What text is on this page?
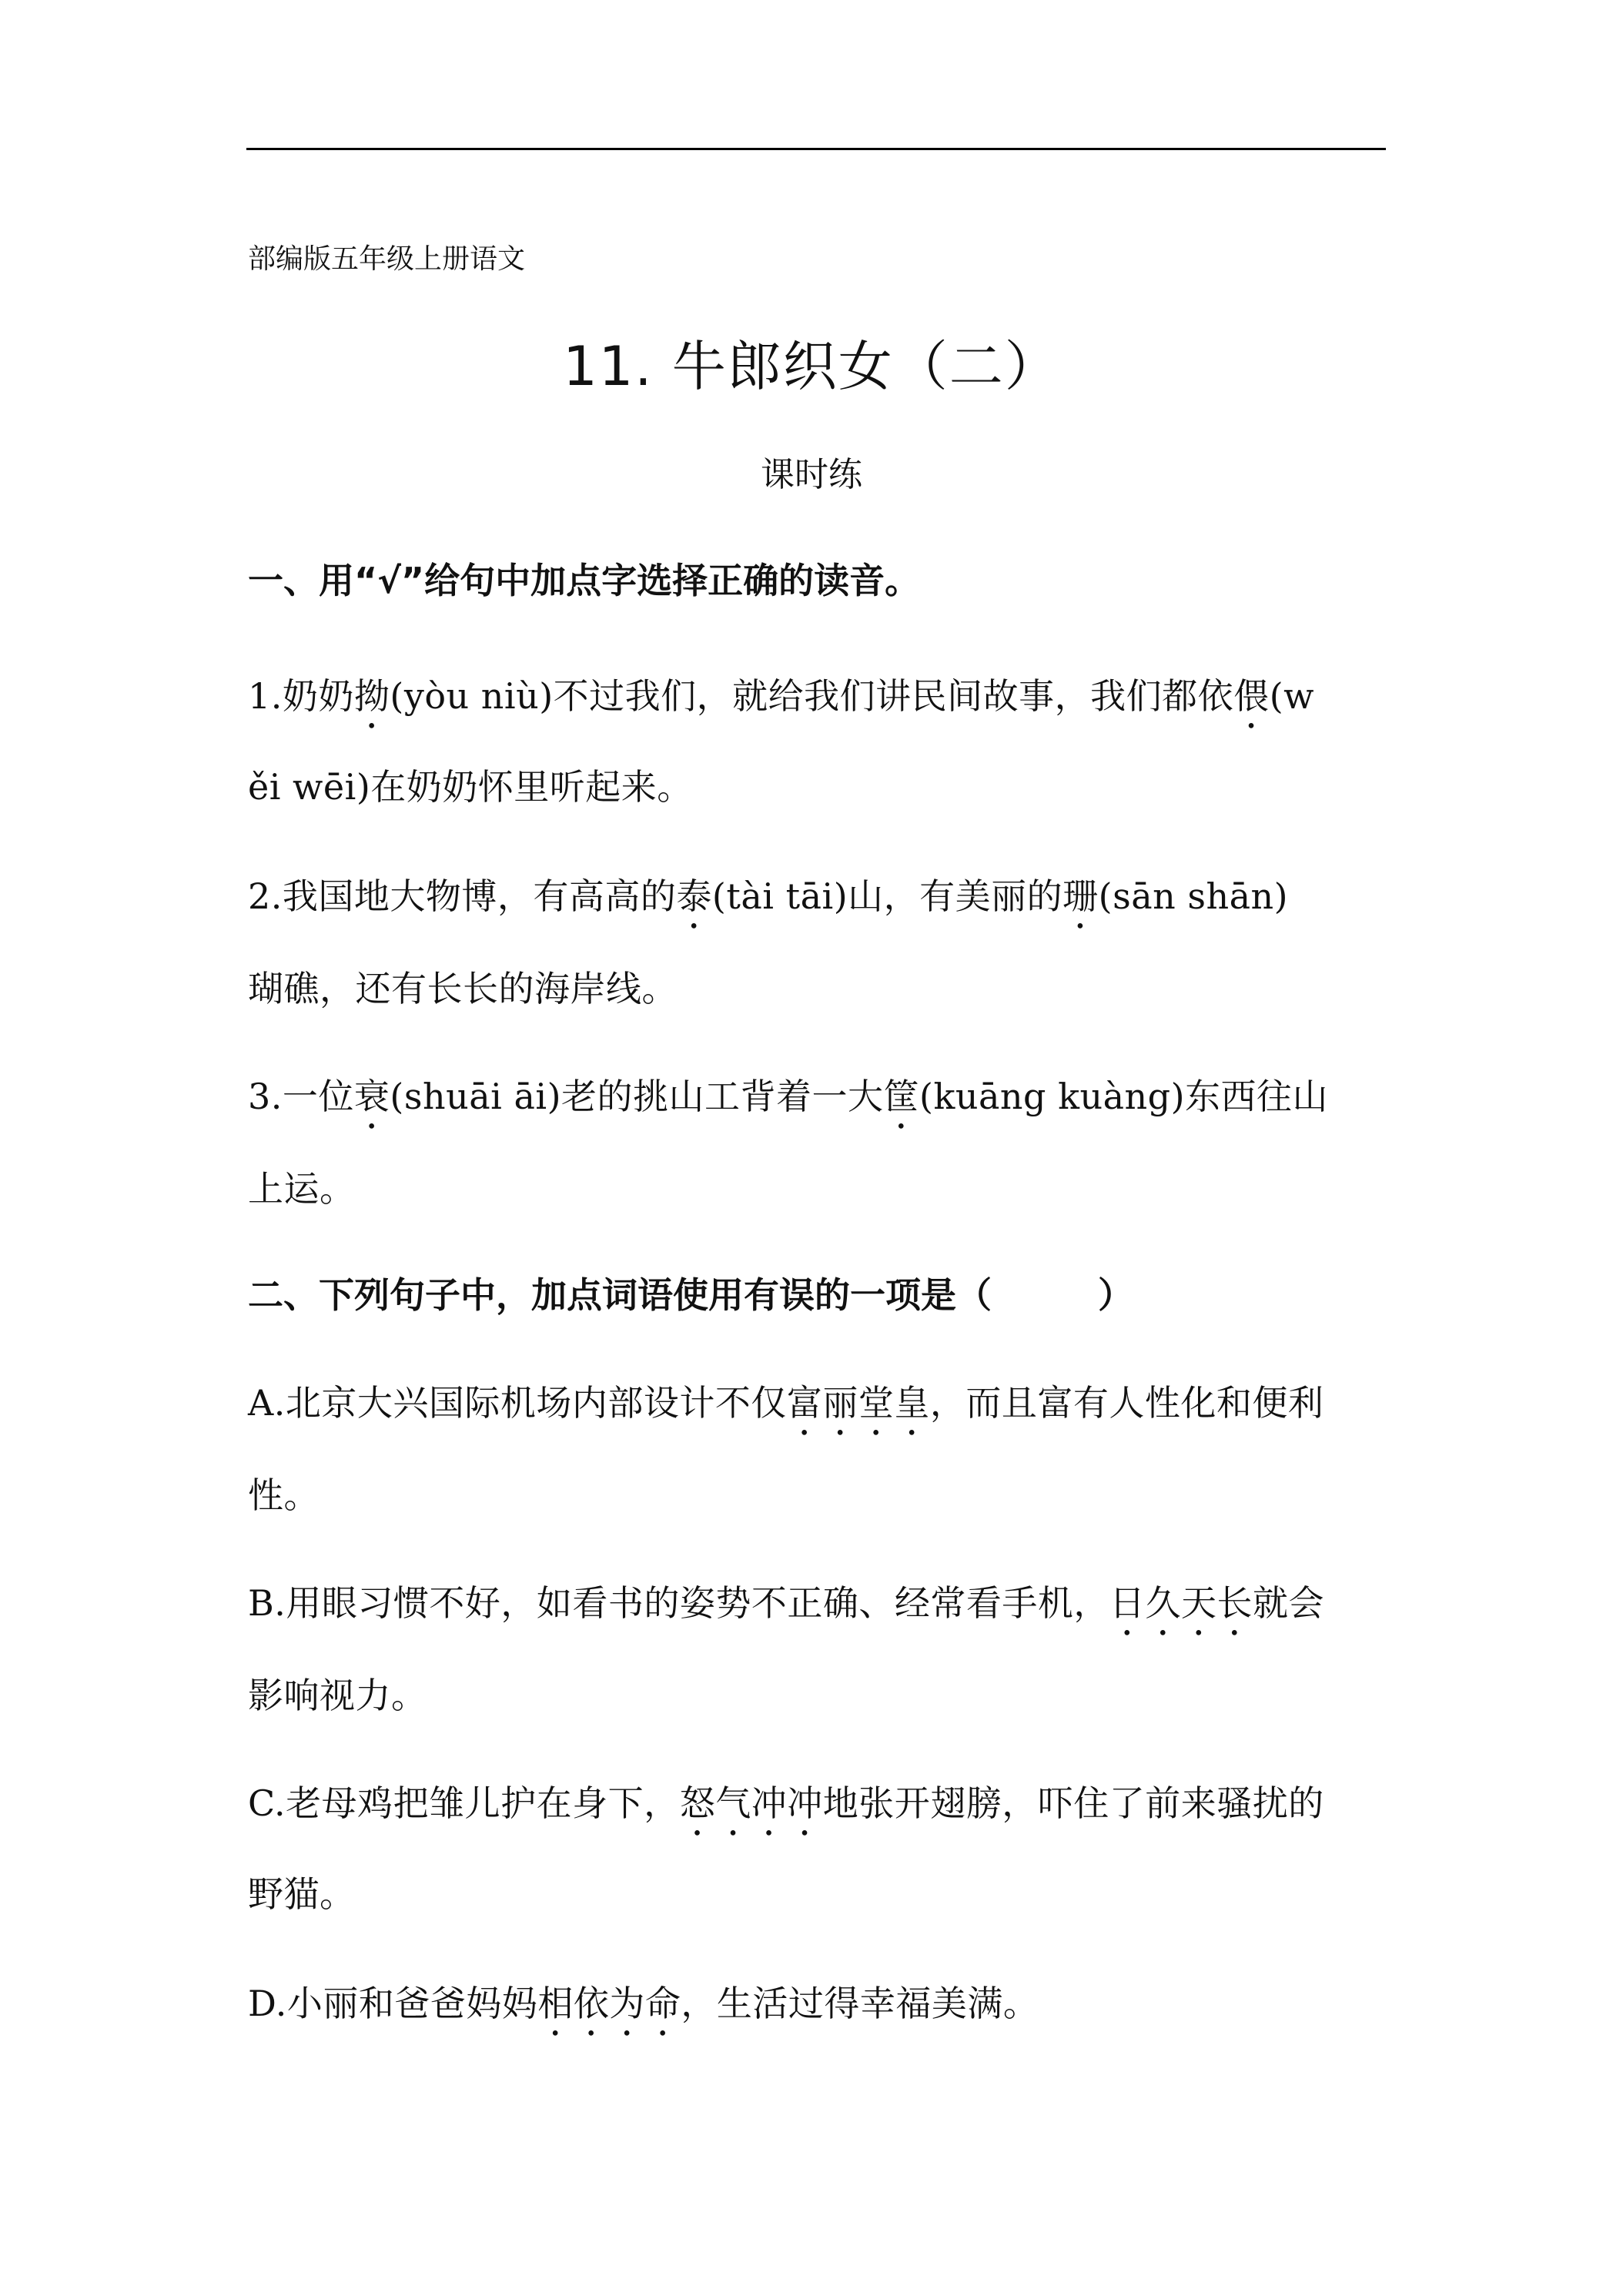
部编版五年级上册语文
11. 牛郎织女（二）
课时练
一、用“√”给句中加点字选择正确的读音。
1.奶奶拗(yòu niù)不过我们，就给我们讲民间故事，我们都依偎(w
ěi wēi)在奶奶怀里听起来。
2.我国地大物博，有高高的泰(tài tāi)山，有美丽的珊(sān shān)
瑚礁，还有长长的海岸线。
3.一位衰(shuāi āi)老的挑山工背着一大筐(kuāng kuàng)东西往山
上运。
二、下列句子中，加点词语使用有误的一项是（　　　）
A.北京大兴国际机场内部设计不仅富丽堂皇，而且富有人性化和便利
性。
B.用眼习惯不好，如看书的姿势不正确、经常看手机，日久天长就会
影响视力。
C.老母鸡把雏儿护在身下，怒气冲冲地张开翅膀，吓住了前来骚扰的
野猫。
D.小丽和爸爸妈妈相依为命，生活过得幸福美满。
